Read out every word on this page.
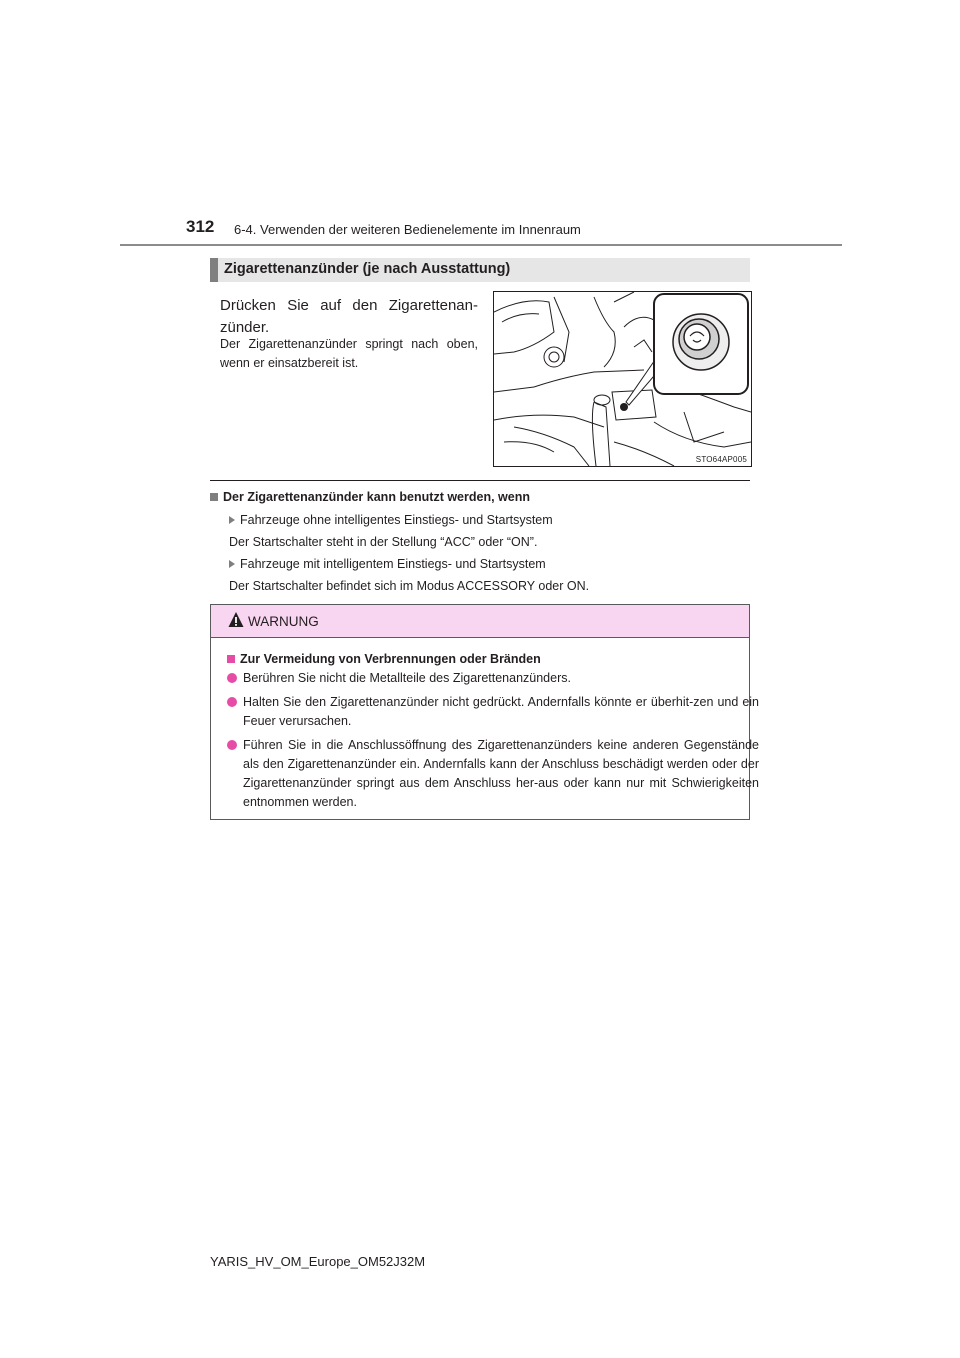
312 6-4. Verwenden der weiteren Bedienelemente im Innenraum
Zigarettenanzünder (je nach Ausstattung)
Drücken Sie auf den Zigarettenan-zünder.
Der Zigarettenanzünder springt nach oben, wenn er einsatzbereit ist.
STO64AP005
Der Zigarettenanzünder kann benutzt werden, wenn
Fahrzeuge ohne intelligentes Einstiegs- und Startsystem
Der Startschalter steht in der Stellung “ACC” oder “ON”.
Fahrzeuge mit intelligentem Einstiegs- und Startsystem
Der Startschalter befindet sich im Modus ACCESSORY oder ON.
WARNUNG
Zur Vermeidung von Verbrennungen oder Bränden
Berühren Sie nicht die Metallteile des Zigarettenanzünders.
Halten Sie den Zigarettenanzünder nicht gedrückt. Andernfalls könnte er überhit-zen und ein Feuer verursachen.
Führen Sie in die Anschlussöffnung des Zigarettenanzünders keine anderen Gegenstände als den Zigarettenanzünder ein. Andernfalls kann der Anschluss beschädigt werden oder der Zigarettenanzünder springt aus dem Anschluss her-aus oder kann nur mit Schwierigkeiten entnommen werden.
YARIS_HV_OM_Europe_OM52J32M
